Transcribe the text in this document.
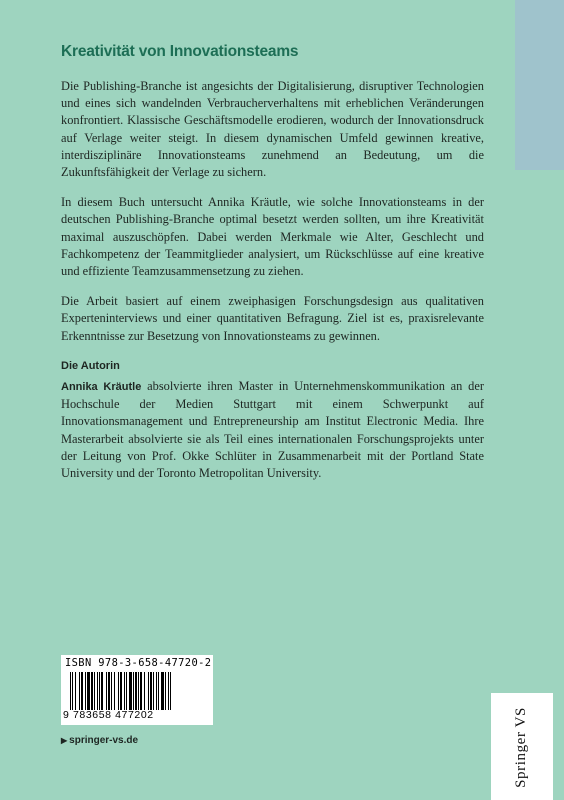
Kreativität von Innovationsteams

Die Publishing-Branche ist angesichts der Digitalisierung, disruptiver Technologien und eines sich wandelnden Verbraucherverhaltens mit erheblichen Veränderungen konfrontiert. Klassische Geschäftsmodelle erodieren, wodurch der Innovationsdruck auf Verlage weiter steigt. In diesem dynamischen Umfeld gewinnen kreative, interdisziplinäre Innovationsteams zunehmend an Bedeutung, um die Zukunftsfähigkeit der Verlage zu sichern.

In diesem Buch untersucht Annika Kräutle, wie solche Innovationsteams in der deutschen Publishing-Branche optimal besetzt werden sollten, um ihre Kreativität maximal auszuschöpfen. Dabei werden Merkmale wie Alter, Geschlecht und Fachkompetenz der Teammitglieder analysiert, um Rückschlüsse auf eine kreative und effiziente Teamzusammensetzung zu ziehen.

Die Arbeit basiert auf einem zweiphasigen Forschungsdesign aus qualitativen Experteninterviews und einer quantitativen Befragung. Ziel ist es, praxisrelevante Erkenntnisse zur Besetzung von Innovationsteams zu gewinnen.

Die Autorin

Annika Kräutle absolvierte ihren Master in Unternehmenskommunikation an der Hochschule der Medien Stuttgart mit einem Schwerpunkt auf Innovationsmanagement und Entrepreneurship am Institut Electronic Media. Ihre Masterarbeit absolvierte sie als Teil eines internationalen Forschungsprojekts unter der Leitung von Prof. Okke Schlüter in Zusammenarbeit mit der Portland State University und der Toronto Metropolitan University.

ISBN 978-3-658-47720-2
9 783658 477202
▶ springer-vs.de	Springer VS
